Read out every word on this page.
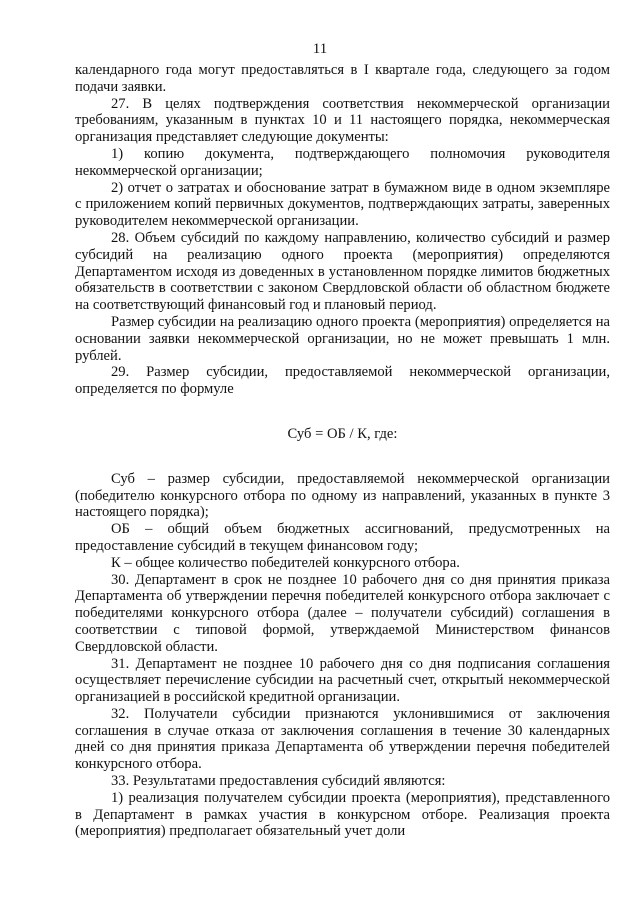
11

календарного года могут предоставляться в I квартале года, следующего за годом подачи заявки.

27. В целях подтверждения соответствия некоммерческой организации требованиям, указанным в пунктах 10 и 11 настоящего порядка, некоммерческая организация представляет следующие документы:

1) копию документа, подтверждающего полномочия руководителя некоммерческой организации;

2) отчет о затратах и обоснование затрат в бумажном виде в одном экземпляре с приложением копий первичных документов, подтверждающих затраты, заверенных руководителем некоммерческой организации.

28. Объем субсидий по каждому направлению, количество субсидий и размер субсидий на реализацию одного проекта (мероприятия) определяются Департаментом исходя из доведенных в установленном порядке лимитов бюджетных обязательств в соответствии с законом Свердловской области об областном бюджете на соответствующий финансовый год и плановый период.

Размер субсидии на реализацию одного проекта (мероприятия) определяется на основании заявки некоммерческой организации, но не может превышать 1 млн. рублей.

29. Размер субсидии, предоставляемой некоммерческой организации, определяется по формуле

Суб = ОБ / К, где:

Суб – размер субсидии, предоставляемой некоммерческой организации (победителю конкурсного отбора по одному из направлений, указанных в пункте 3 настоящего порядка);

ОБ – общий объем бюджетных ассигнований, предусмотренных на предоставление субсидий в текущем финансовом году;

К – общее количество победителей конкурсного отбора.

30. Департамент в срок не позднее 10 рабочего дня со дня принятия приказа Департамента об утверждении перечня победителей конкурсного отбора заключает с победителями конкурсного отбора (далее – получатели субсидий) соглашения в соответствии с типовой формой, утверждаемой Министерством финансов Свердловской области.

31. Департамент не позднее 10 рабочего дня со дня подписания соглашения осуществляет перечисление субсидии на расчетный счет, открытый некоммерческой организацией в российской кредитной организации.

32. Получатели субсидии признаются уклонившимися от заключения соглашения в случае отказа от заключения соглашения в течение 30 календарных дней со дня принятия приказа Департамента об утверждении перечня победителей конкурсного отбора.

33. Результатами предоставления субсидий являются:

1) реализация получателем субсидии проекта (мероприятия), представленного в Департамент в рамках участия в конкурсном отборе. Реализация проекта (мероприятия) предполагает обязательный учет доли
